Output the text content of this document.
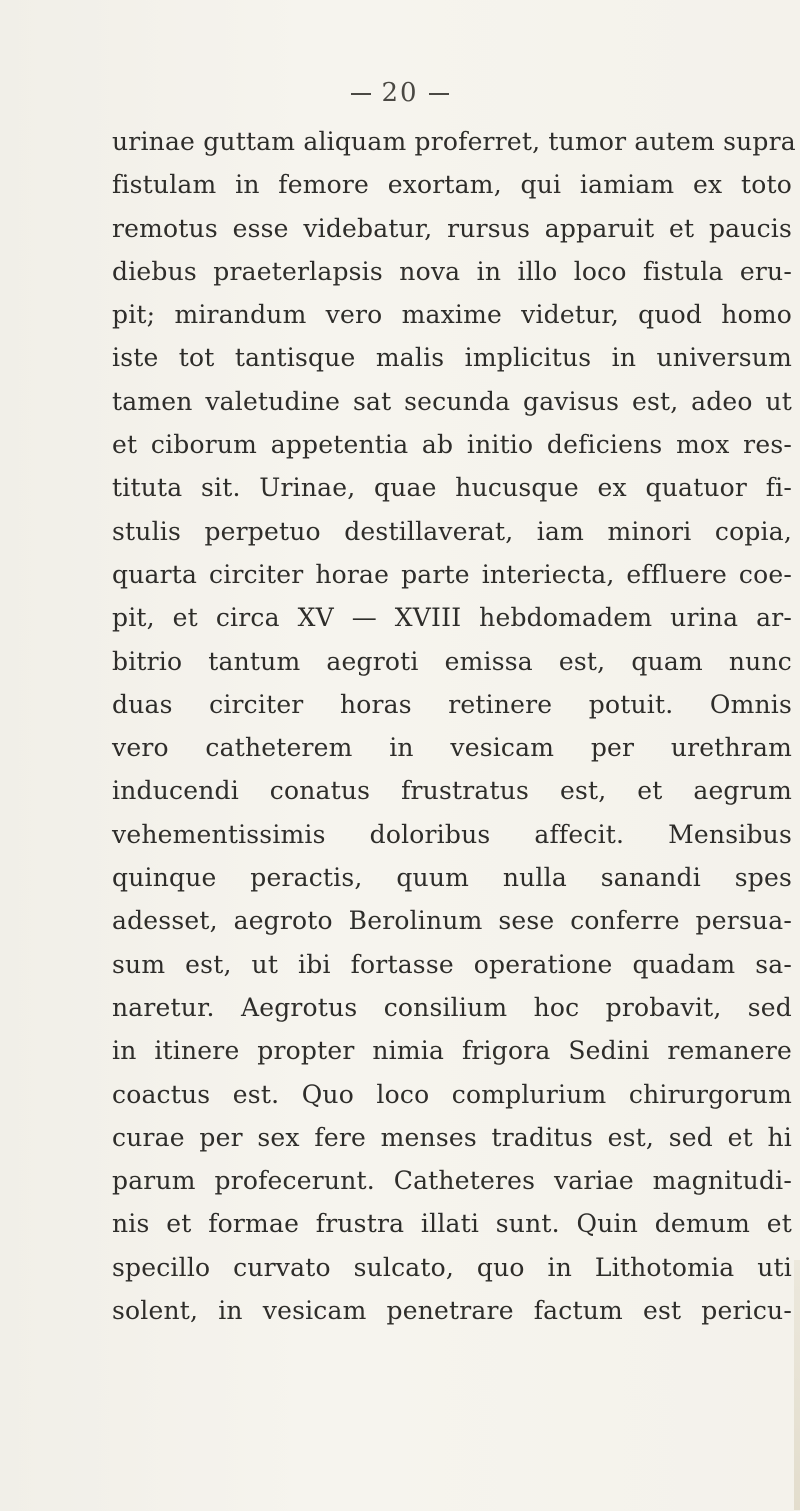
20
urinae guttam aliquam proferret, tumor autem supra
fistulam in femore exortam, qui iamiam ex toto
remotus esse videbatur, rursus apparuit et paucis
diebus praeterlapsis nova in illo loco fistula eru-
pit; mirandum vero maxime videtur, quod homo
iste tot tantisque malis implicitus in universum
tamen valetudine sat secunda gavisus est, adeo ut
et ciborum appetentia ab initio deficiens mox res-
tituta sit. Urinae, quae hucusque ex quatuor fi-
stulis perpetuo destillaverat, iam minori copia,
quarta circiter horae parte interiecta, effluere coe-
pit, et circa XV — XVIII hebdomadem urina ar-
bitrio tantum aegroti emissa est, quam nunc
duas circiter horas retinere potuit. Omnis
vero catheterem in vesicam per urethram
inducendi conatus frustratus est, et aegrum
vehementissimis doloribus affecit. Mensibus
quinque peractis, quum nulla sanandi spes
adesset, aegroto Berolinum sese conferre persua-
sum est, ut ibi fortasse operatione quadam sa-
naretur. Aegrotus consilium hoc probavit, sed
in itinere propter nimia frigora Sedini remanere
coactus est. Quo loco complurium chirurgorum
curae per sex fere menses traditus est, sed et hi
parum profecerunt. Catheteres variae magnitudi-
nis et formae frustra illati sunt. Quin demum et
specillo curvato sulcato, quo in Lithotomia uti
solent, in vesicam penetrare factum est pericu-
